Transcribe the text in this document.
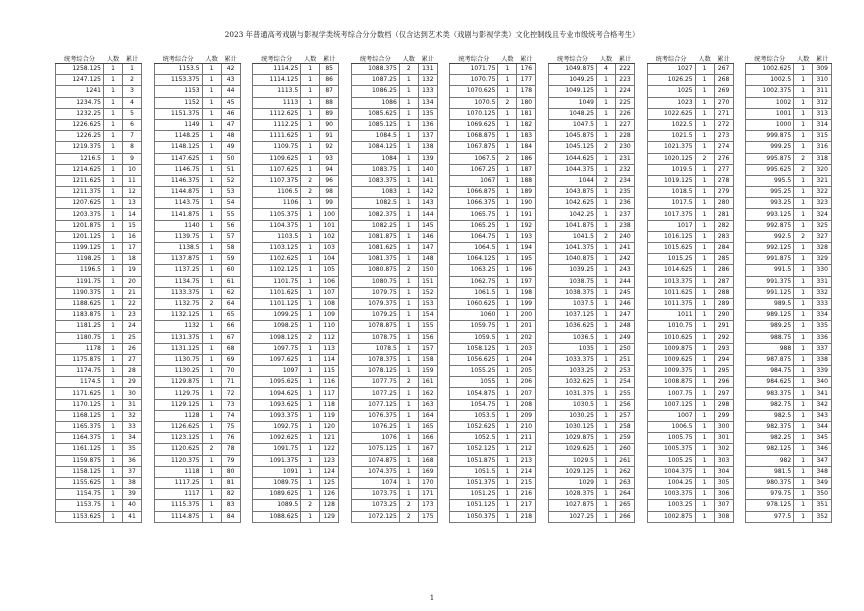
2023 年普通高考戏剧与影视学类统考综合分分数档（仅含达到艺术类（戏剧与影视学类）文化控制线且专业市级统考合格考生）
统考综合分	人数	累计
1258.125	1	1
1247.125	1	2
1241	1	3
1234.75	1	4
1232.25	1	5
1226.625	1	6
1226.25	1	7
1219.375	1	8
1216.5	1	9
1214.625	1	10
1211.625	1	11
1211.375	1	12
1207.625	1	13
1203.375	1	14
1201.875	1	15
1201.125	1	16
1199.125	1	17
1198.25	1	18
1196.5	1	19
1191.75	1	20
1190.375	1	21
1188.625	1	22
1183.875	1	23
1181.25	1	24
1180.75	1	25
1178	1	26
1175.875	1	27
1174.75	1	28
1174.5	1	29
1171.625	1	30
1170.125	1	31
1168.125	1	32
1165.375	1	33
1164.375	1	34
1161.125	1	35
1159.875	1	36
1158.125	1	37
1155.625	1	38
1154.75	1	39
1153.75	1	40
1153.625	1	41
统考综合分	人数	累计
1153.5	1	42
1153.375	1	43
1153	1	44
1152	1	45
1151.375	1	46
1149	1	47
1148.25	1	48
1148.125	1	49
1147.625	1	50
1146.75	1	51
1146.375	1	52
1144.875	1	53
1143.75	1	54
1141.875	1	55
1140	1	56
1139.75	1	57
1138.5	1	58
1137.875	1	59
1137.25	1	60
1134.75	1	61
1133.375	1	62
1132.75	2	64
1132.125	1	65
1132	1	66
1131.375	1	67
1131.125	1	68
1130.75	1	69
1130.25	1	70
1129.875	1	71
1129.75	1	72
1129.125	1	73
1128	1	74
1126.625	1	75
1123.125	1	76
1120.625	2	78
1120.375	1	79
1118	1	80
1117.25	1	81
1117	1	82
1115.375	1	83
1114.875	1	84
统考综合分	人数	累计
1114.25	1	85
1114.125	1	86
1113.5	1	87
1113	1	88
1112.625	1	89
1112.25	1	90
1111.625	1	91
1109.75	1	92
1109.625	1	93
1107.625	1	94
1107.375	2	96
1106.5	2	98
1106	1	99
1105.375	1	100
1104.375	1	101
1103.5	1	102
1103.125	1	103
1102.625	1	104
1102.125	1	105
1101.75	1	106
1101.625	1	107
1101.125	1	108
1099.25	1	109
1098.25	1	110
1098.125	2	112
1097.75	1	113
1097.625	1	114
1097	1	115
1095.625	1	116
1094.625	1	117
1093.625	1	118
1093.375	1	119
1092.75	1	120
1092.625	1	121
1091.75	1	122
1091.375	1	123
1091	1	124
1089.75	1	125
1089.625	1	126
1089.5	2	128
1088.625	1	129
统考综合分	人数	累计
1088.375	2	131
1087.25	1	132
1086.25	1	133
1086	1	134
1085.625	1	135
1085.125	1	136
1084.5	1	137
1084.125	1	138
1084	1	139
1083.75	1	140
1083.375	1	141
1083	1	142
1082.5	1	143
1082.375	1	144
1082.25	1	145
1081.875	1	146
1081.625	1	147
1081.375	1	148
1080.875	2	150
1080.75	1	151
1079.75	1	152
1079.375	1	153
1079.25	1	154
1078.875	1	155
1078.75	1	156
1078.5	1	157
1078.375	1	158
1078.125	1	159
1077.75	2	161
1077.25	1	162
1077.125	1	163
1076.375	1	164
1076.25	1	165
1076	1	166
1075.125	1	167
1074.875	1	168
1074.375	1	169
1074	1	170
1073.75	1	171
1073.25	2	173
1072.125	2	175
统考综合分	人数	累计
1071.75	1	176
1070.75	1	177
1070.625	1	178
1070.5	2	180
1070.125	1	181
1069.625	1	182
1068.875	1	183
1067.875	1	184
1067.5	2	186
1067.25	1	187
1067	1	188
1066.875	1	189
1066.375	1	190
1065.75	1	191
1065.25	1	192
1064.75	1	193
1064.5	1	194
1064.125	1	195
1063.25	1	196
1062.75	1	197
1061.5	1	198
1060.625	1	199
1060	1	200
1059.75	1	201
1059.5	1	202
1058.125	1	203
1056.625	1	204
1055.25	1	205
1055	1	206
1054.875	1	207
1054.75	1	208
1053.5	1	209
1052.625	1	210
1052.5	1	211
1052.125	1	212
1051.875	1	213
1051.5	1	214
1051.375	1	215
1051.25	1	216
1051.125	1	217
1050.375	1	218
统考综合分	人数	累计
1049.875	4	222
1049.25	1	223
1049.125	1	224
1049	1	225
1048.25	1	226
1047.5	1	227
1045.875	1	228
1045.125	2	230
1044.625	1	231
1044.375	1	232
1044	2	234
1043.875	1	235
1042.625	1	236
1042.25	1	237
1041.875	1	238
1041.5	2	240
1041.375	1	241
1040.875	1	242
1039.25	1	243
1038.75	1	244
1038.375	1	245
1037.5	1	246
1037.125	1	247
1036.625	1	248
1036.5	1	249
1035	1	250
1033.375	1	251
1033.25	2	253
1032.625	1	254
1031.375	1	255
1030.5	1	256
1030.25	1	257
1030.125	1	258
1029.875	1	259
1029.625	1	260
1029.5	1	261
1029.125	1	262
1029	1	263
1028.375	1	264
1027.875	1	265
1027.25	1	266
统考综合分	人数	累计
1027	1	267
1026.25	1	268
1025	1	269
1023	1	270
1022.625	1	271
1022.5	1	272
1021.5	1	273
1021.375	1	274
1020.125	2	276
1019.5	1	277
1019.125	1	278
1018.5	1	279
1017.5	1	280
1017.375	1	281
1017	1	282
1016.125	1	283
1015.625	1	284
1015.25	1	285
1014.625	1	286
1013.375	1	287
1011.625	1	288
1011.375	1	289
1011	1	290
1010.75	1	291
1010.625	1	292
1009.875	1	293
1009.625	1	294
1009.375	1	295
1008.875	1	296
1007.75	1	297
1007.125	1	298
1007	1	299
1006.5	1	300
1005.75	1	301
1005.375	1	302
1005.25	1	303
1004.375	1	304
1004.25	1	305
1003.375	1	306
1003.25	1	307
1002.875	1	308
统考综合分	人数	累计
1002.625	1	309
1002.5	1	310
1002.375	1	311
1002	1	312
1001	1	313
1000	1	314
999.875	1	315
999.25	1	316
995.875	2	318
995.625	2	320
995.5	1	321
995.25	1	322
993.25	1	323
993.125	1	324
992.875	1	325
992.5	2	327
992.125	1	328
991.875	1	329
991.5	1	330
991.375	1	331
991.125	1	332
989.5	1	333
989.125	1	334
989.25	1	335
988.75	1	336
988	1	337
987.875	1	338
984.75	1	339
984.625	1	340
983.375	1	341
982.75	1	342
982.5	1	343
982.375	1	344
982.25	1	345
982.125	1	346
982	1	347
981.5	1	348
980.375	1	349
979.75	1	350
978.125	1	351
977.5	1	352
1
